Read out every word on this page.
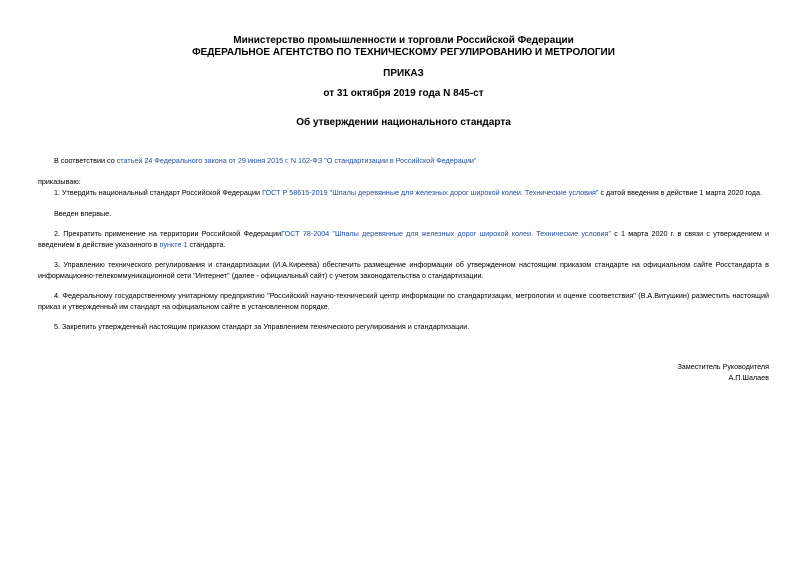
Министерство промышленности и торговли Российской Федерации
ФЕДЕРАЛЬНОЕ АГЕНТСТВО ПО ТЕХНИЧЕСКОМУ РЕГУЛИРОВАНИЮ И МЕТРОЛОГИИ
ПРИКАЗ
от 31 октября 2019 года N 845-ст
Об утверждении национального стандарта
В соответствии со статьей 24 Федерального закона от 29 июня 2015 г. N 162-ФЗ "О стандартизации в Российской Федерации"
приказываю:
1. Утвердить национальный стандарт Российской Федерации ГОСТ Р 58615-2019 "Шпалы деревянные для железных дорог широкой колеи. Технические условия" с датой введения в действие 1 марта 2020 года.
Введен впервые.
2. Прекратить применение на территории Российской ФедерацииГОСТ 78-2004 "Шпалы деревянные для железных дорог широкой колеи. Технические условия" с 1 марта 2020 г. в связи с утверждением и введением в действие указанного в пункте 1 стандарта.
3. Управлению технического регулирования и стандартизации (И.А.Киреева) обеспечить размещение информации об утвержденном настоящим приказом стандарте на официальном сайте Росстандарта в информационно-телекоммуникационной сети "Интернет" (далее - официальный сайт) с учетом законодательства о стандартизации.
4. Федеральному государственному унитарному предприятию "Российский научно-технический центр информации по стандартизации, метрологии и оценке соответствия" (В.А.Витушкин) разместить настоящий приказ и утвержденный им стандарт на официальном сайте в установленном порядке.
5. Закрепить утвержденный настоящим приказом стандарт за Управлением технического регулирования и стандартизации.
Заместитель Руководителя
А.П.Шалаев
